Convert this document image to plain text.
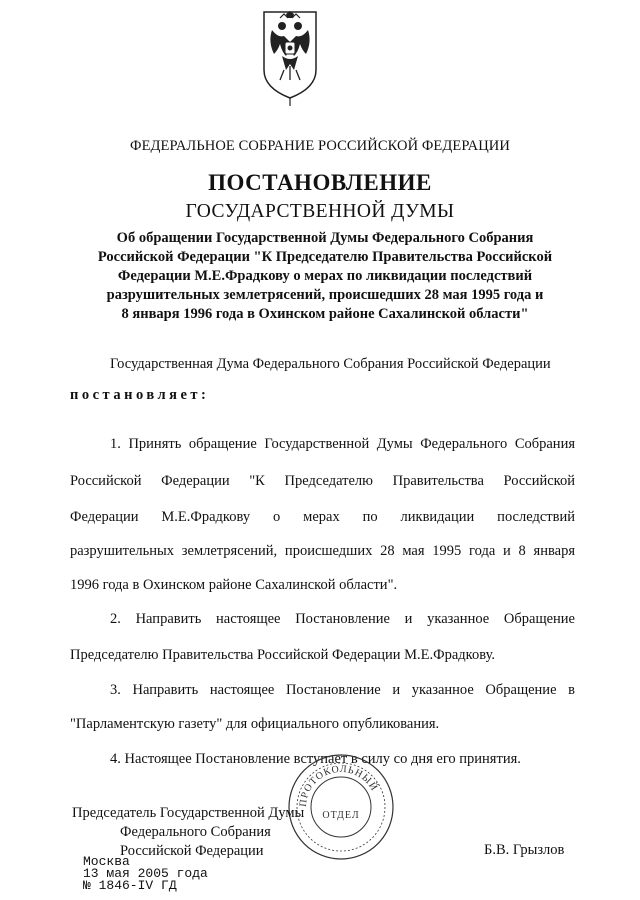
ФЕДЕРАЛЬНОЕ СОБРАНИЕ РОССИЙСКОЙ ФЕДЕРАЦИИ
ПОСТАНОВЛЕНИЕ
ГОСУДАРСТВЕННОЙ ДУМЫ
Об обращении Государственной Думы Федерального Собрания
Российской Федерации "К Председателю Правительства Российской
Федерации М.Е.Фрадкову о мерах по ликвидации последствий
разрушительных землетрясений, происшедших 28 мая 1995 года и
8 января 1996 года в Охинском районе Сахалинской области"
Государственная Дума Федерального Собрания Российской Федерации
постановляет:
1. Принять обращение Государственной Думы Федерального Собрания
Российской Федерации "К Председателю Правительства Российской
Федерации М.Е.Фрадкову о мерах по ликвидации последствий
разрушительных землетрясений, происшедших 28 мая 1995 года и 8 января
1996 года в Охинском районе Сахалинской области".
2. Направить настоящее Постановление и указанное Обращение
Председателю Правительства Российской Федерации М.Е.Фрадкову.
3. Направить настоящее Постановление и указанное Обращение в
"Парламентскую газету" для официального опубликования.
4. Настоящее Постановление вступает в силу со дня его принятия.
ПРОТОКОЛЬНЫЙ
ОТДЕЛ
Председатель Государственной Думы
Федерального Собрания
Российской Федерации	Б.В. Грызлов
Москва
13 мая 2005 года
№ 1846-IV ГД
